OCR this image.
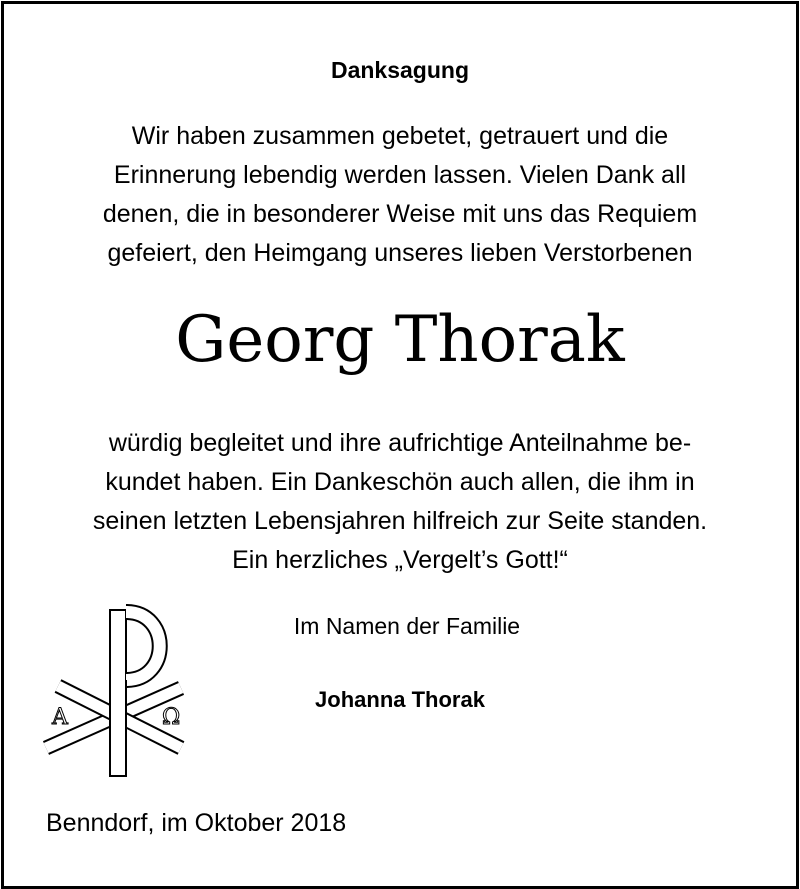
Danksagung
Wir haben zusammen gebetet, getrauert und die
Erinnerung lebendig werden lassen. Vielen Dank all
denen, die in besonderer Weise mit uns das Requiem
gefeiert, den Heimgang unseres lieben Verstorbenen
Georg Thorak
würdig begleitet und ihre aufrichtige Anteilnahme be-
kundet haben. Ein Dankeschön auch allen, die ihm in
seinen letzten Lebensjahren hilfreich zur Seite standen.
Ein herzliches „Vergelt’s Gott!“
A	Ω
Im Namen der Familie
Johanna Thorak
Benndorf, im Oktober 2018
